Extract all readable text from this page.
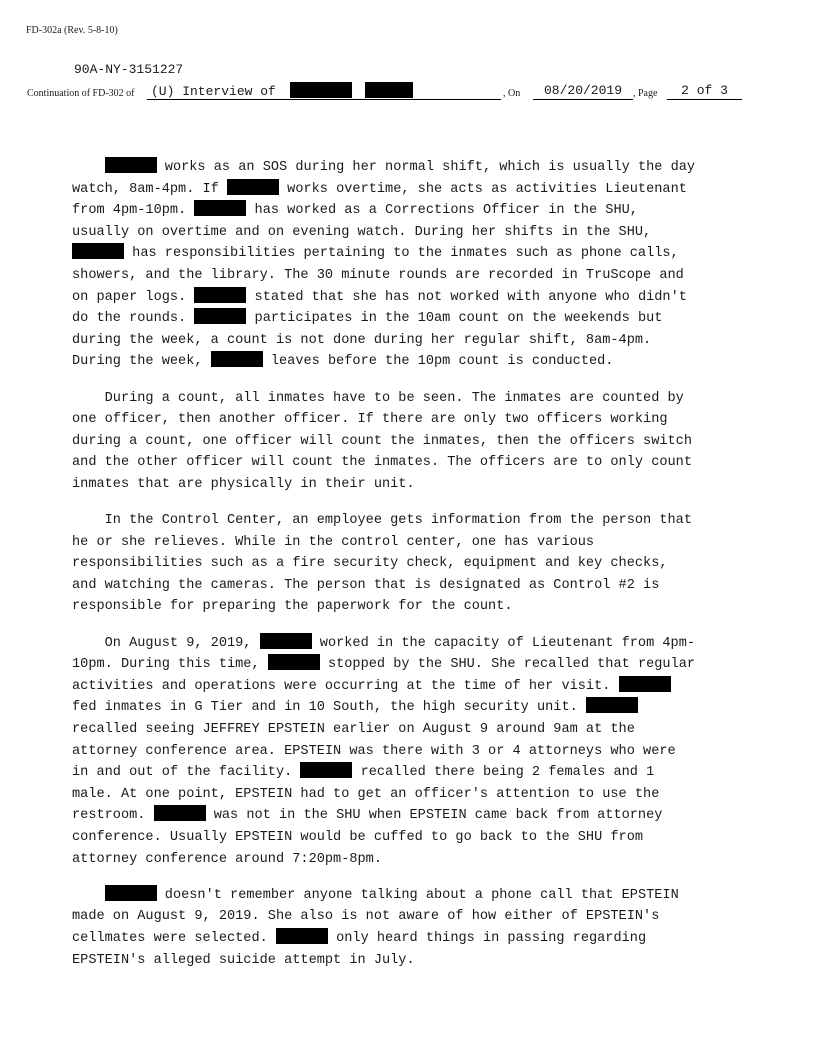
FD-302a (Rev. 5-8-10)
90A-NY-3151227
Continuation of FD-302 of	(U) Interview of	, On	08/20/2019	, Page	2 of 3
works as an SOS during her normal shift, which is usually the day
watch, 8am-4pm. If	works overtime, she acts as activities Lieutenant
from 4pm-10pm.	has worked as a Corrections Officer in the SHU,
usually on overtime and on evening watch. During her shifts in the SHU,
has responsibilities pertaining to the inmates such as phone calls,
showers, and the library. The 30 minute rounds are recorded in TruScope and
on paper logs.	stated that she has not worked with anyone who didn't
do the rounds.	participates in the 10am count on the weekends but
during the week, a count is not done during her regular shift, 8am-4pm.
During the week,	leaves before the 10pm count is conducted.
During a count, all inmates have to be seen. The inmates are counted by
one officer, then another officer. If there are only two officers working
during a count, one officer will count the inmates, then the officers switch
and the other officer will count the inmates. The officers are to only count
inmates that are physically in their unit.
In the Control Center, an employee gets information from the person that
he or she relieves. While in the control center, one has various
responsibilities such as a fire security check, equipment and key checks,
and watching the cameras. The person that is designated as Control #2 is
responsible for preparing the paperwork for the count.
On August 9, 2019,	worked in the capacity of Lieutenant from 4pm-
10pm. During this time,	stopped by the SHU. She recalled that regular
activities and operations were occurring at the time of her visit.
fed inmates in G Tier and in 10 South, the high security unit.
recalled seeing JEFFREY EPSTEIN earlier on August 9 around 9am at the
attorney conference area. EPSTEIN was there with 3 or 4 attorneys who were
in and out of the facility.	recalled there being 2 females and 1
male. At one point, EPSTEIN had to get an officer's attention to use the
restroom.	was not in the SHU when EPSTEIN came back from attorney
conference. Usually EPSTEIN would be cuffed to go back to the SHU from
attorney conference around 7:20pm-8pm.
doesn't remember anyone talking about a phone call that EPSTEIN
made on August 9, 2019. She also is not aware of how either of EPSTEIN's
cellmates were selected.	only heard things in passing regarding
EPSTEIN's alleged suicide attempt in July.
